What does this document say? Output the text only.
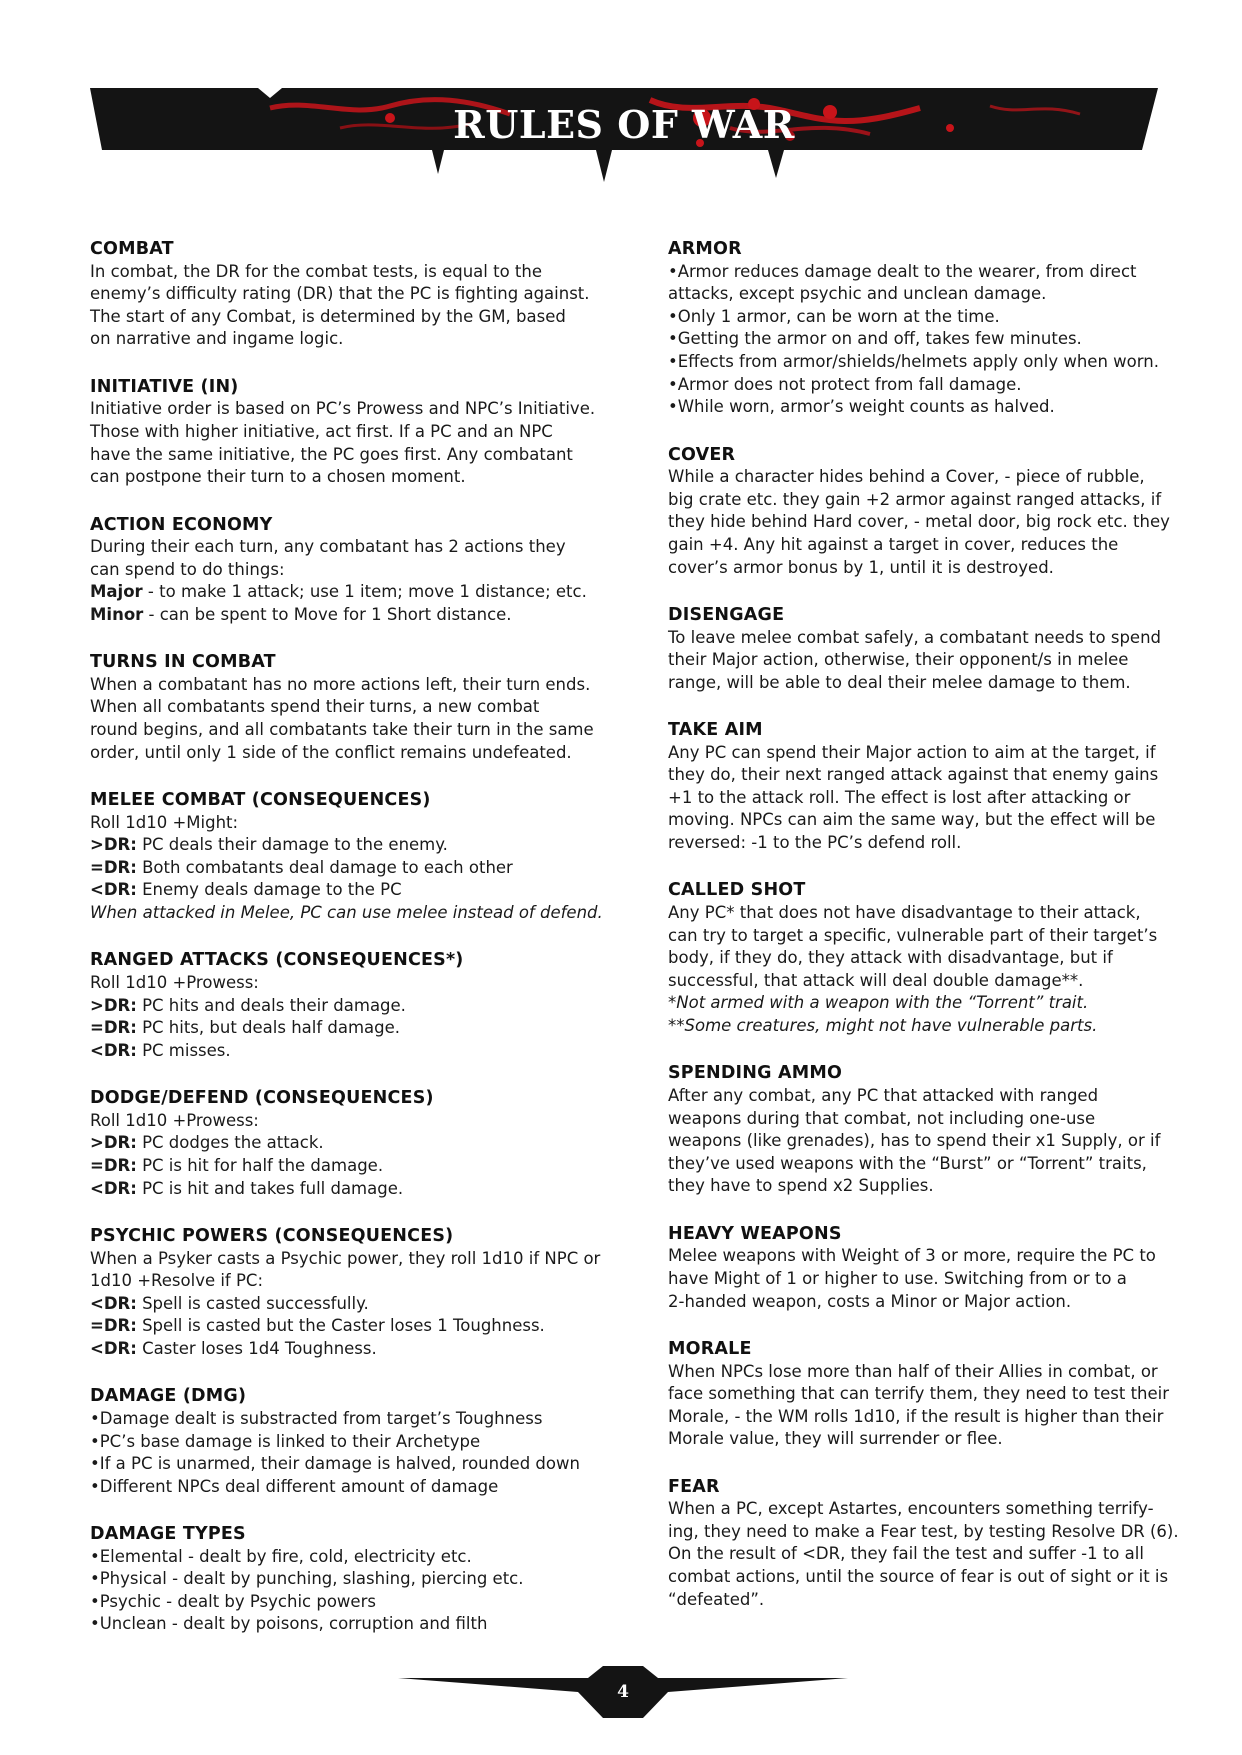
RULES OF WAR
COMBAT
In combat, the DR for the combat tests, is equal to the
enemy’s difficulty rating (DR) that the PC is fighting against.
The start of any Combat, is determined by the GM, based
on narrative and ingame logic.
INITIATIVE (IN)
Initiative order is based on PC’s Prowess and NPC’s Initiative.
Those with higher initiative, act first. If a PC and an NPC
have the same initiative, the PC goes first. Any combatant
can postpone their turn to a chosen moment.
ACTION ECONOMY
During their each turn, any combatant has 2 actions they
can spend to do things:
Major - to make 1 attack; use 1 item; move 1 distance; etc.
Minor - can be spent to Move for 1 Short distance.
TURNS IN COMBAT
When a combatant has no more actions left, their turn ends.
When all combatants spend their turns, a new combat
round begins, and all combatants take their turn in the same
order, until only 1 side of the conflict remains undefeated.
MELEE COMBAT (CONSEQUENCES)
Roll 1d10 +Might:
>DR: PC deals their damage to the enemy.
=DR: Both combatants deal damage to each other
<DR: Enemy deals damage to the PC
When attacked in Melee, PC can use melee instead of defend.
RANGED ATTACKS (CONSEQUENCES*)
Roll 1d10 +Prowess:
>DR: PC hits and deals their damage.
=DR: PC hits, but deals half damage.
<DR: PC misses.
DODGE/DEFEND (CONSEQUENCES)
Roll 1d10 +Prowess:
>DR: PC dodges the attack.
=DR: PC is hit for half the damage.
<DR: PC is hit and takes full damage.
PSYCHIC POWERS (CONSEQUENCES)
When a Psyker casts a Psychic power, they roll 1d10 if NPC or
1d10 +Resolve if PC:
<DR: Spell is casted successfully.
=DR: Spell is casted but the Caster loses 1 Toughness.
<DR: Caster loses 1d4 Toughness.
DAMAGE (DMG)
•Damage dealt is substracted from target’s Toughness
•PC’s base damage is linked to their Archetype
•If a PC is unarmed, their damage is halved, rounded down
•Different NPCs deal different amount of damage
DAMAGE TYPES
•Elemental - dealt by fire, cold, electricity etc.
•Physical - dealt by punching, slashing, piercing etc.
•Psychic - dealt by Psychic powers
•Unclean - dealt by poisons, corruption and filth
ARMOR
•Armor reduces damage dealt to the wearer, from direct
attacks, except psychic and unclean damage.
•Only 1 armor, can be worn at the time.
•Getting the armor on and off, takes few minutes.
•Effects from armor/shields/helmets apply only when worn.
•Armor does not protect from fall damage.
•While worn, armor’s weight counts as halved.
COVER
While a character hides behind a Cover, - piece of rubble,
big crate etc. they gain +2 armor against ranged attacks, if
they hide behind Hard cover, - metal door, big rock etc. they
gain +4. Any hit against a target in cover, reduces the
cover’s armor bonus by 1, until it is destroyed.
DISENGAGE
To leave melee combat safely, a combatant needs to spend
their Major action, otherwise, their opponent/s in melee
range, will be able to deal their melee damage to them.
TAKE AIM
Any PC can spend their Major action to aim at the target, if
they do, their next ranged attack against that enemy gains
+1 to the attack roll. The effect is lost after attacking or
moving. NPCs can aim the same way, but the effect will be
reversed: -1 to the PC’s defend roll.
CALLED SHOT
Any PC* that does not have disadvantage to their attack,
can try to target a specific, vulnerable part of their target’s
body, if they do, they attack with disadvantage, but if
successful, that attack will deal double damage**.
*Not armed with a weapon with the “Torrent” trait.
**Some creatures, might not have vulnerable parts.
SPENDING AMMO
After any combat, any PC that attacked with ranged
weapons during that combat, not including one-use
weapons (like grenades), has to spend their x1 Supply, or if
they’ve used weapons with the “Burst” or “Torrent” traits,
they have to spend x2 Supplies.
HEAVY WEAPONS
Melee weapons with Weight of 3 or more, require the PC to
have Might of 1 or higher to use. Switching from or to a
2-handed weapon, costs a Minor or Major action.
MORALE
When NPCs lose more than half of their Allies in combat, or
face something that can terrify them, they need to test their
Morale, - the WM rolls 1d10, if the result is higher than their
Morale value, they will surrender or flee.
FEAR
When a PC, except Astartes, encounters something terrify-
ing, they need to make a Fear test, by testing Resolve DR (6).
On the result of <DR, they fail the test and suffer -1 to all
combat actions, until the source of fear is out of sight or it is
“defeated”.
4
